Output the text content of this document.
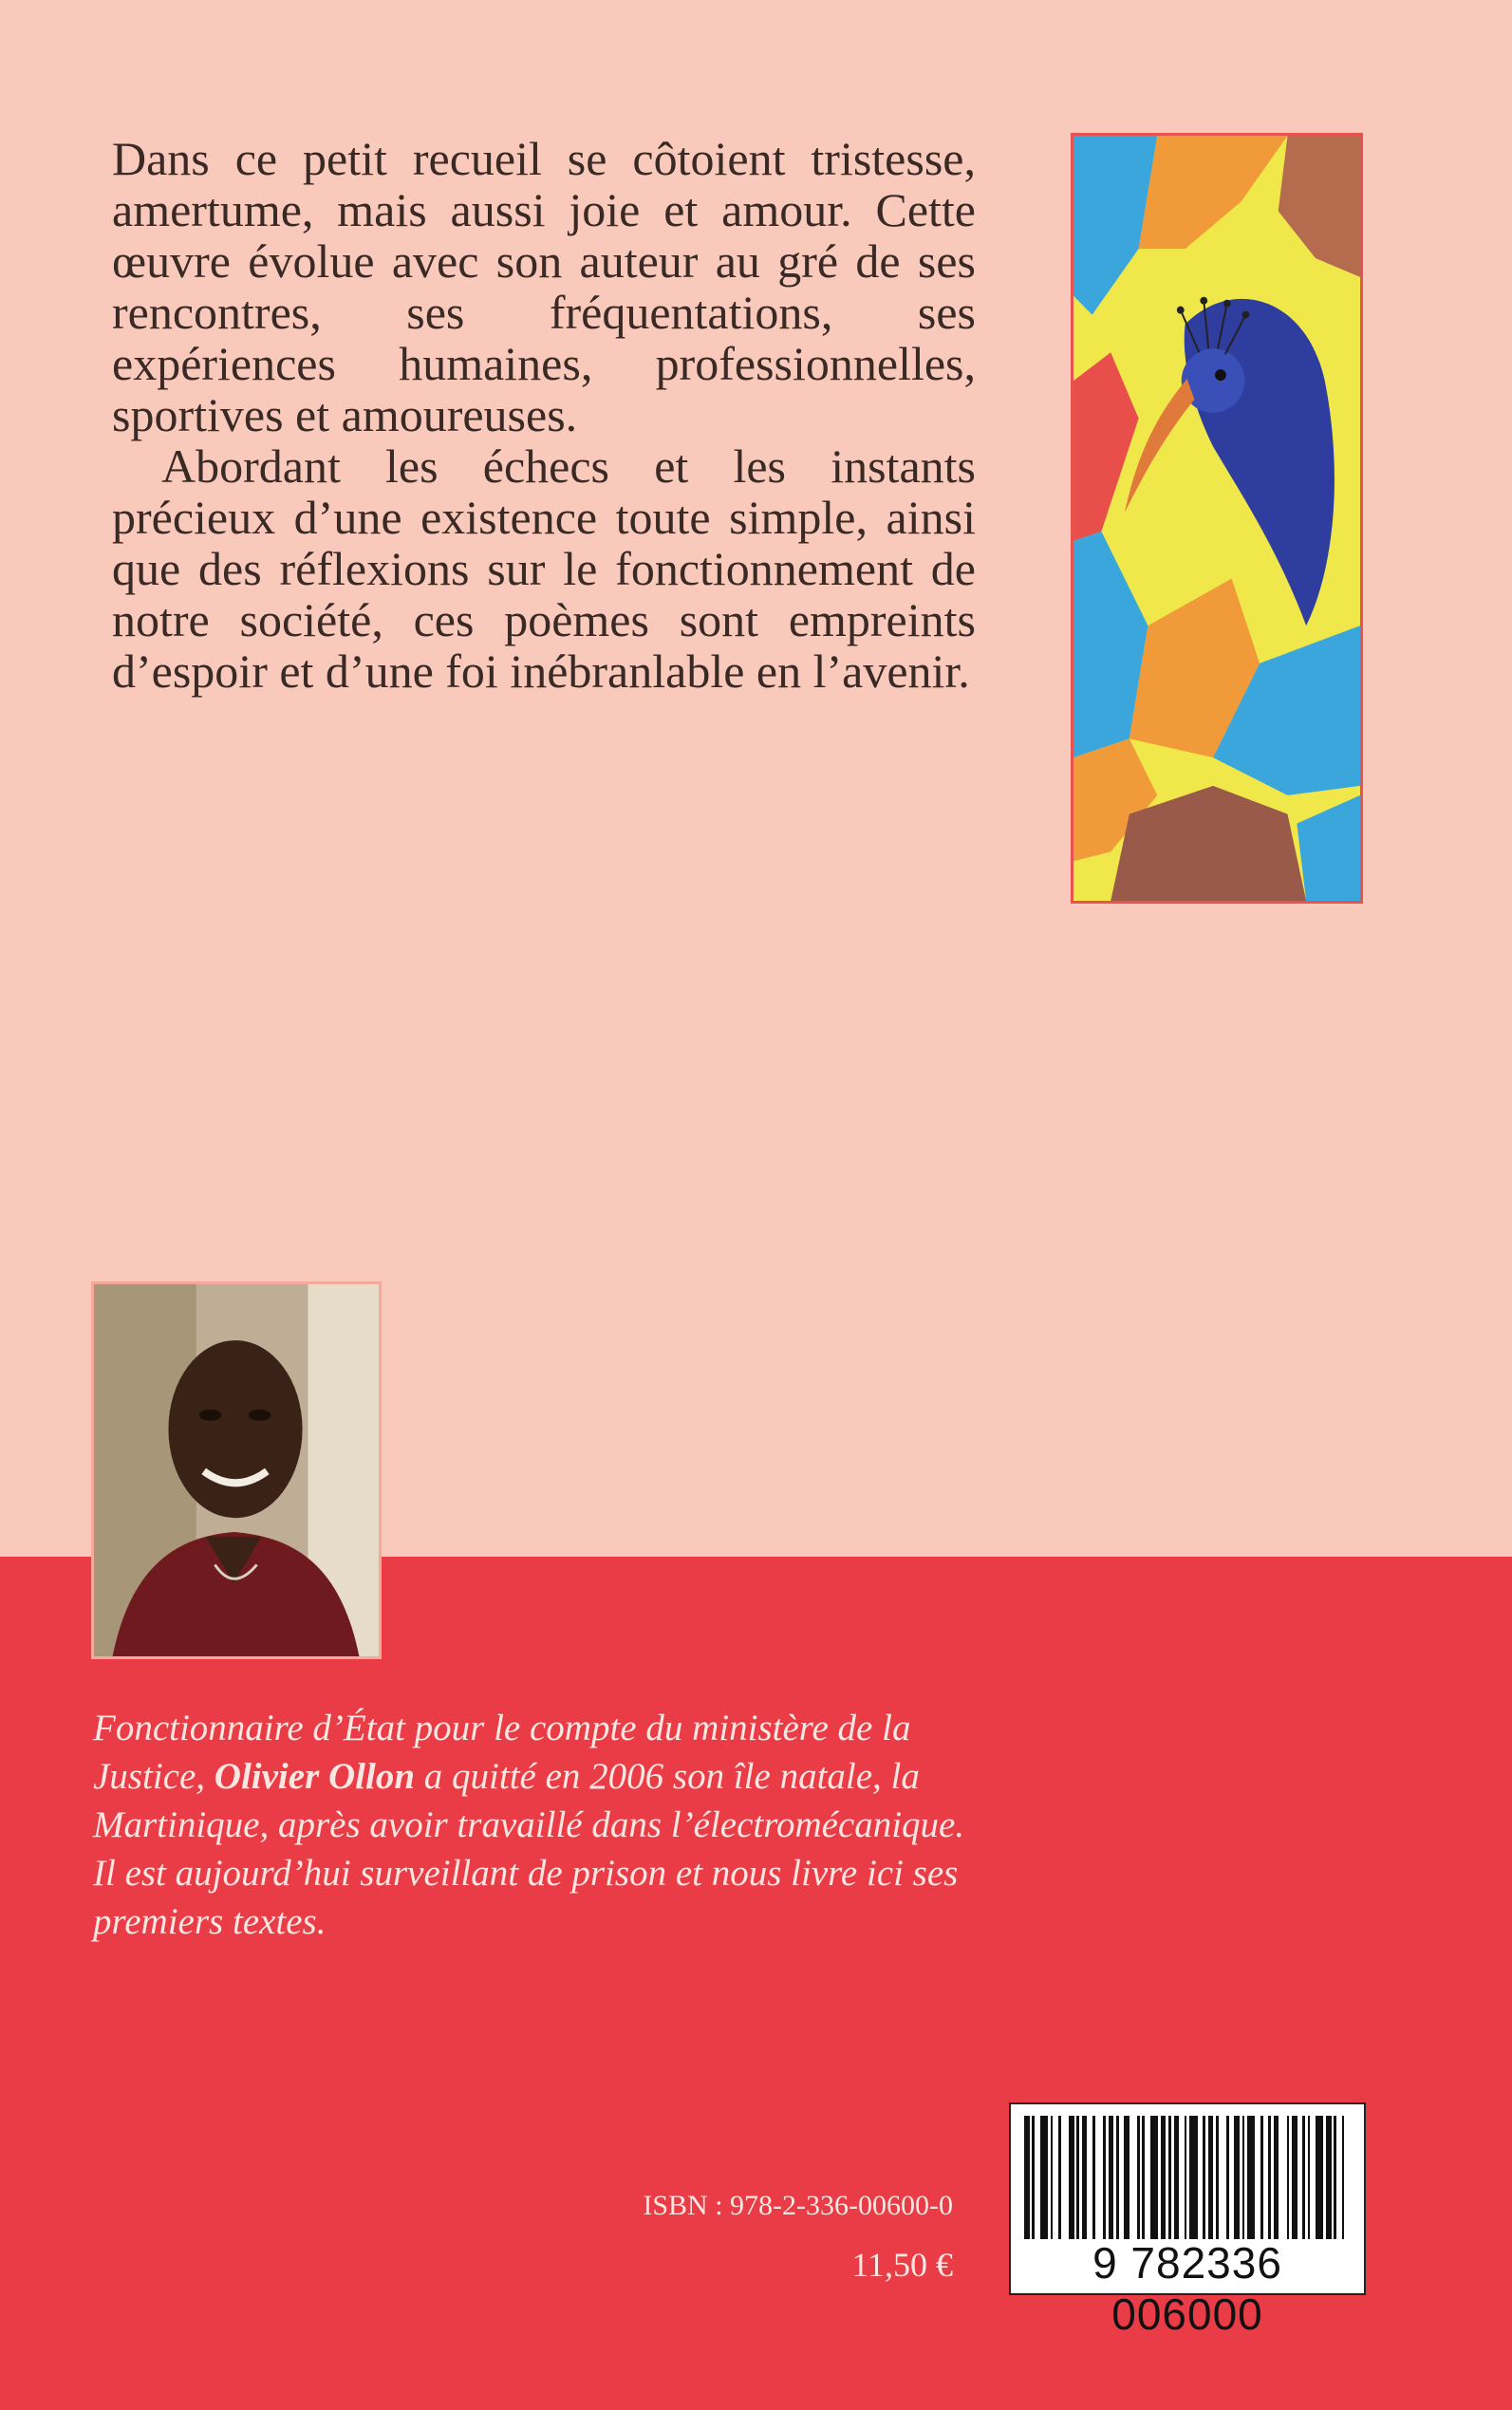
Dans ce petit recueil se côtoient tristesse, amertume, mais aussi joie et amour. Cette œuvre évolue avec son auteur au gré de ses rencontres, ses fréquentations, ses expériences humaines, professionnelles, sportives et amoureuses.

Abordant les échecs et les instants précieux d’une existence toute simple, ainsi que des réflexions sur le fonctionnement de notre société, ces poèmes sont empreints d’espoir et d’une foi inébranlable en l’avenir.

Fonctionnaire d’État pour le compte du ministère de la Justice, Olivier Ollon a quitté en 2006 son île natale, la Martinique, après avoir travaillé dans l’électromécanique. Il est aujourd’hui surveillant de prison et nous livre ici ses premiers textes.
ISBN : 978-2-336-00600-0
11,50 €	9 782336 006000
